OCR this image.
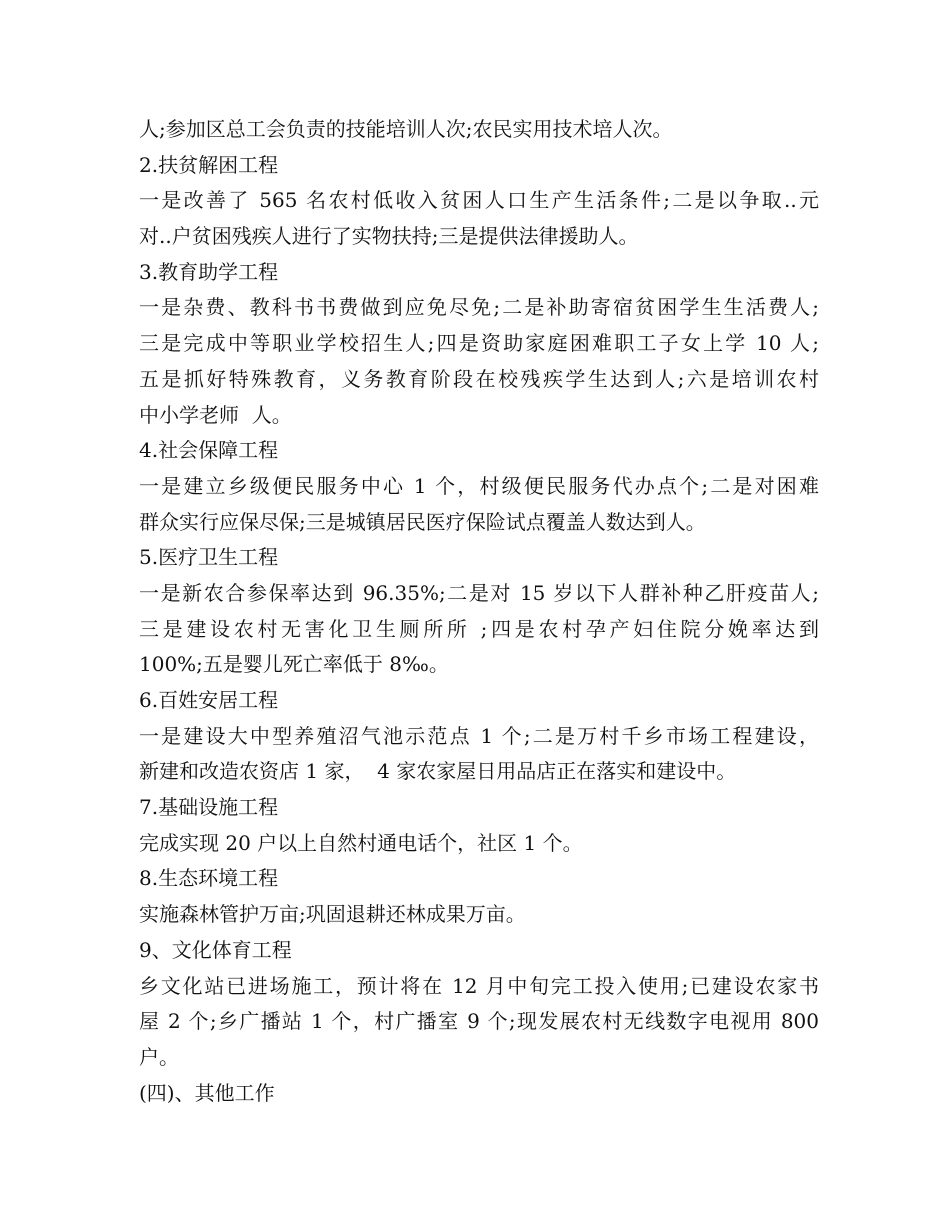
人;参加区总工会负责的技能培训人次;农民实用技术培人次。
2.扶贫解困工程
一是改善了 565 名农村低收入贫困人口生产生活条件;二是以争取..元
对..户贫困残疾人进行了实物扶持;三是提供法律援助人。
3.教育助学工程
一是杂费、教科书书费做到应免尽免;二是补助寄宿贫困学生生活费人;
三是完成中等职业学校招生人;四是资助家庭困难职工子女上学 10 人;
五是抓好特殊教育，义务教育阶段在校残疾学生达到人;六是培训农村
中小学老师  人。
4.社会保障工程
一是建立乡级便民服务中心 1 个，村级便民服务代办点个;二是对困难
群众实行应保尽保;三是城镇居民医疗保险试点覆盖人数达到人。
5.医疗卫生工程
一是新农合参保率达到 96.35%;二是对 15 岁以下人群补种乙肝疫苗人;
三是建设农村无害化卫生厕所所 ;四是农村孕产妇住院分娩率达到
100%;五是婴儿死亡率低于 8‰。
6.百姓安居工程
一是建设大中型养殖沼气池示范点 1 个;二是万村千乡市场工程建设，
新建和改造农资店 1 家，  4 家农家屋日用品店正在落实和建设中。
7.基础设施工程
完成实现 20 户以上自然村通电话个，社区 1 个。
8.生态环境工程
实施森林管护万亩;巩固退耕还林成果万亩。
9、文化体育工程
乡文化站已进场施工，预计将在 12 月中旬完工投入使用;已建设农家书
屋 2 个;乡广播站 1 个，村广播室 9 个;现发展农村无线数字电视用 800
户。
(四)、其他工作
